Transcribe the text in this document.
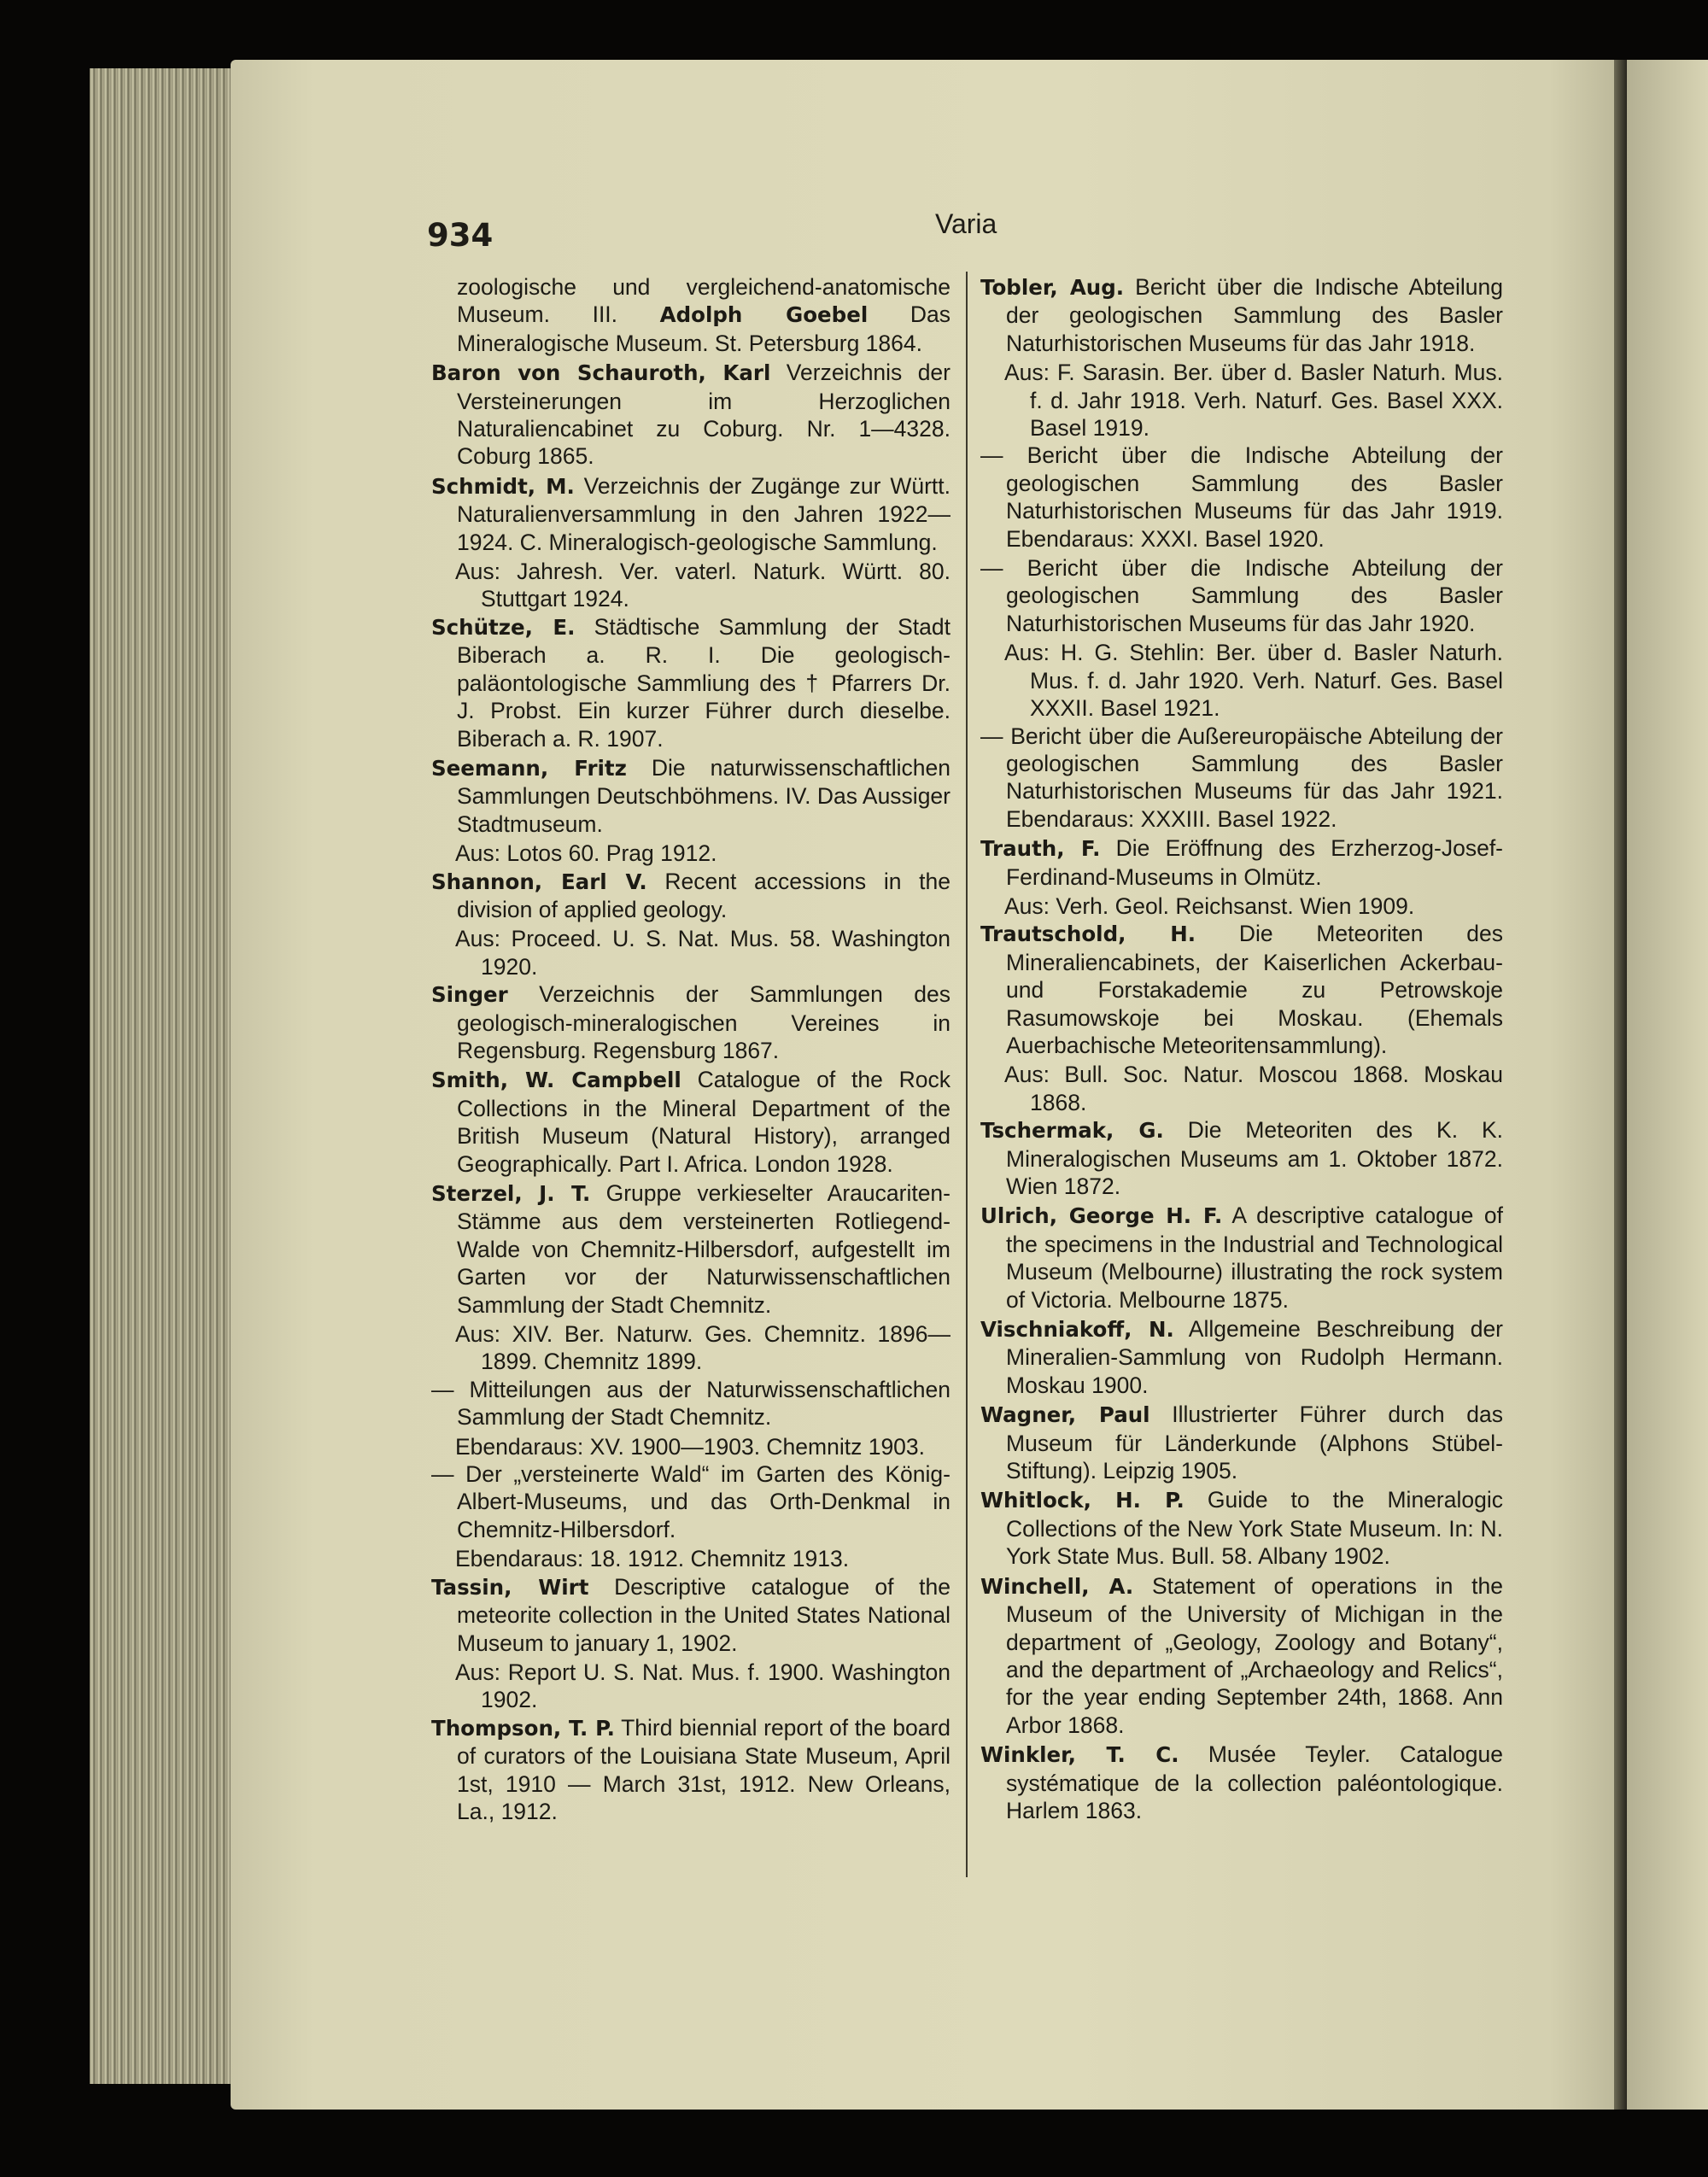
934	Varia

zoologische und vergleichend-anatomische Museum. III. Adolph Goebel Das Mineralogische Museum. St. Petersburg 1864.

Baron von Schauroth, Karl Verzeichnis der Versteinerungen im Herzoglichen Naturaliencabinet zu Coburg. Nr. 1—4328. Coburg 1865.

Schmidt, M. Verzeichnis der Zugänge zur Württ. Naturalienversammlung in den Jahren 1922—1924. C. Mineralogisch-geologische Sammlung.

Aus: Jahresh. Ver. vaterl. Naturk. Württ. 80. Stuttgart 1924.

Schütze, E. Städtische Sammlung der Stadt Biberach a. R. I. Die geologisch-paläontologische Sammliung des † Pfarrers Dr. J. Probst. Ein kurzer Führer durch dieselbe. Biberach a. R. 1907.

Seemann, Fritz Die naturwissenschaftlichen Sammlungen Deutschböhmens. IV. Das Aussiger Stadtmuseum.

Aus: Lotos 60. Prag 1912.

Shannon, Earl V. Recent accessions in the division of applied geology.

Aus: Proceed. U. S. Nat. Mus. 58. Washington 1920.

Singer Verzeichnis der Sammlungen des geologisch-mineralogischen Vereines in Regensburg. Regensburg 1867.

Smith, W. Campbell Catalogue of the Rock Collections in the Mineral Department of the British Museum (Natural History), arranged Geographically. Part I. Africa. London 1928.

Sterzel, J. T. Gruppe verkieselter Araucariten-Stämme aus dem versteinerten Rotliegend-Walde von Chemnitz-Hilbersdorf, aufgestellt im Garten vor der Naturwissenschaftlichen Sammlung der Stadt Chemnitz.

Aus: XIV. Ber. Naturw. Ges. Chemnitz. 1896—1899. Chemnitz 1899.

— Mitteilungen aus der Naturwissenschaftlichen Sammlung der Stadt Chemnitz.

Ebendaraus: XV. 1900—1903. Chemnitz 1903.

— Der „versteinerte Wald“ im Garten des König-Albert-Museums, und das Orth-Denkmal in Chemnitz-Hilbersdorf.

Ebendaraus: 18. 1912. Chemnitz 1913.

Tassin, Wirt Descriptive catalogue of the meteorite collection in the United States National Museum to january 1, 1902.

Aus: Report U. S. Nat. Mus. f. 1900. Washington 1902.

Thompson, T. P. Third biennial report of the board of curators of the Louisiana State Museum, April 1st, 1910 — March 31st, 1912. New Orleans, La., 1912.

Tobler, Aug. Bericht über die Indische Abteilung der geologischen Sammlung des Basler Naturhistorischen Museums für das Jahr 1918.

Aus: F. Sarasin. Ber. über d. Basler Naturh. Mus. f. d. Jahr 1918. Verh. Naturf. Ges. Basel XXX. Basel 1919.

— Bericht über die Indische Abteilung der geologischen Sammlung des Basler Naturhistorischen Museums für das Jahr 1919. Ebendaraus: XXXI. Basel 1920.

— Bericht über die Indische Abteilung der geologischen Sammlung des Basler Naturhistorischen Museums für das Jahr 1920.

Aus: H. G. Stehlin: Ber. über d. Basler Naturh. Mus. f. d. Jahr 1920. Verh. Naturf. Ges. Basel XXXII. Basel 1921.

— Bericht über die Außereuropäische Abteilung der geologischen Sammlung des Basler Naturhistorischen Museums für das Jahr 1921. Ebendaraus: XXXIII. Basel 1922.

Trauth, F. Die Eröffnung des Erzherzog-Josef-Ferdinand-Museums in Olmütz.

Aus: Verh. Geol. Reichsanst. Wien 1909.

Trautschold, H. Die Meteoriten des Mineraliencabinets, der Kaiserlichen Ackerbau- und Forstakademie zu Petrowskoje Rasumowskoje bei Moskau. (Ehemals Auerbachische Meteoritensammlung).

Aus: Bull. Soc. Natur. Moscou 1868. Moskau 1868.

Tschermak, G. Die Meteoriten des K. K. Mineralogischen Museums am 1. Oktober 1872. Wien 1872.

Ulrich, George H. F. A descriptive catalogue of the specimens in the Industrial and Technological Museum (Melbourne) illustrating the rock system of Victoria. Melbourne 1875.

Vischniakoff, N. Allgemeine Beschreibung der Mineralien-Sammlung von Rudolph Hermann. Moskau 1900.

Wagner, Paul Illustrierter Führer durch das Museum für Länderkunde (Alphons Stübel-Stiftung). Leipzig 1905.

Whitlock, H. P. Guide to the Mineralogic Collections of the New York State Museum. In: N. York State Mus. Bull. 58. Albany 1902.

Winchell, A. Statement of operations in the Museum of the University of Michigan in the department of „Geology, Zoology and Botany“, and the department of „Archaeology and Relics“, for the year ending September 24th, 1868. Ann Arbor 1868.

Winkler, T. C. Musée Teyler. Catalogue systématique de la collection paléontologique. Harlem 1863.
